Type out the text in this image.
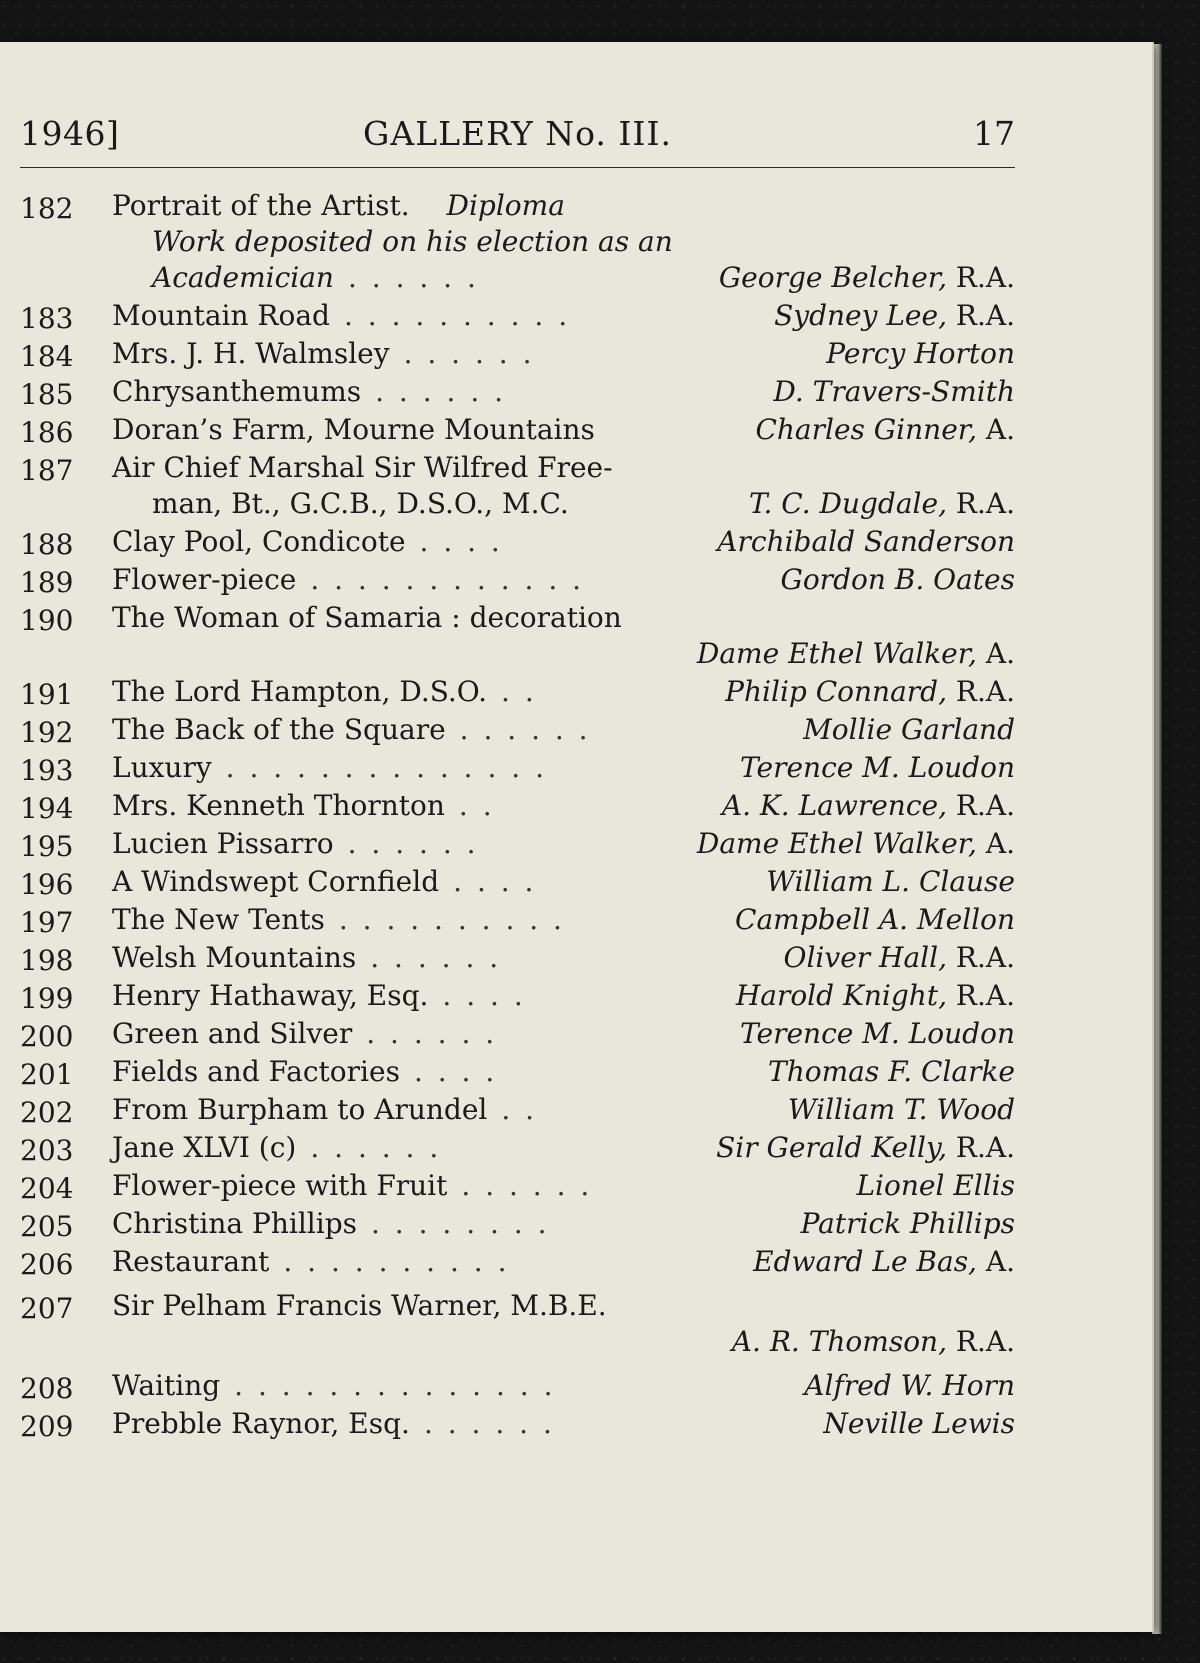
1946]	GALLERY No. III.	17
182	Portrait of the Artist. Diploma
Work deposited on his election as an
Academician . . . . . .	George Belcher, R.A.
183	Mountain Road . . . . . . . . . .	Sydney Lee, R.A.
184	Mrs. J. H. Walmsley . . . . . .	Percy Horton
185	Chrysanthemums . . . . . .	D. Travers-Smith
186	Doran’s Farm, Mourne Mountains	Charles Ginner, A.
187	Air Chief Marshal Sir Wilfred Free-
man, Bt., G.C.B., D.S.O., M.C.	T. C. Dugdale, R.A.
188	Clay Pool, Condicote . . . .	Archibald Sanderson
189	Flower-piece . . . . . . . . . . . .	Gordon B. Oates
190	The Woman of Samaria : decoration
Dame Ethel Walker, A.
191	The Lord Hampton, D.S.O. . .	Philip Connard, R.A.
192	The Back of the Square . . . . . .	Mollie Garland
193	Luxury . . . . . . . . . . . . . .	Terence M. Loudon
194	Mrs. Kenneth Thornton . .	A. K. Lawrence, R.A.
195	Lucien Pissarro . . . . . .	Dame Ethel Walker, A.
196	A Windswept Cornfield . . . .	William L. Clause
197	The New Tents . . . . . . . . . .	Campbell A. Mellon
198	Welsh Mountains . . . . . .	Oliver Hall, R.A.
199	Henry Hathaway, Esq. . . . .	Harold Knight, R.A.
200	Green and Silver . . . . . .	Terence M. Loudon
201	Fields and Factories . . . .	Thomas F. Clarke
202	From Burpham to Arundel . .	William T. Wood
203	Jane XLVI (c) . . . . . .	Sir Gerald Kelly, R.A.
204	Flower-piece with Fruit . . . . . .	Lionel Ellis
205	Christina Phillips . . . . . . . .	Patrick Phillips
206	Restaurant . . . . . . . . . .	Edward Le Bas, A.
207	Sir Pelham Francis Warner, M.B.E.
A. R. Thomson, R.A.
208	Waiting . . . . . . . . . . . . . .	Alfred W. Horn
209	Prebble Raynor, Esq. . . . . . .	Neville Lewis
